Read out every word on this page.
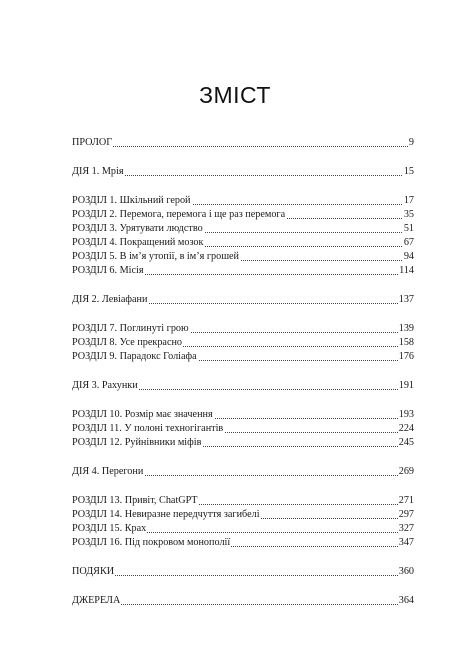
ЗМІСТ
ПРОЛОГ	9
ДІЯ 1. Мрія	15
РОЗДІЛ 1. Шкільний герой	17
РОЗДІЛ 2. Перемога, перемога і ще раз перемога	35
РОЗДІЛ 3. Урятувати людство	51
РОЗДІЛ 4. Покращений мозок	67
РОЗДІЛ 5. В ім’я утопії, в ім’я грошей	94
РОЗДІЛ 6. Місія	114
ДІЯ 2. Левіафани	137
РОЗДІЛ 7. Поглинуті грою	139
РОЗДІЛ 8. Усе прекрасно	158
РОЗДІЛ 9. Парадокс Голіафа	176
ДІЯ 3. Рахунки	191
РОЗДІЛ 10. Розмір має значення	193
РОЗДІЛ 11. У полоні техногігантів	224
РОЗДІЛ 12. Руйнівники міфів	245
ДІЯ 4. Перегони	269
РОЗДІЛ 13. Привіт, ChatGPT	271
РОЗДІЛ 14. Невиразне передчуття загибелі	297
РОЗДІЛ 15. Крах	327
РОЗДІЛ 16. Під покровом монополії	347
ПОДЯКИ	360
ДЖЕРЕЛА	364
